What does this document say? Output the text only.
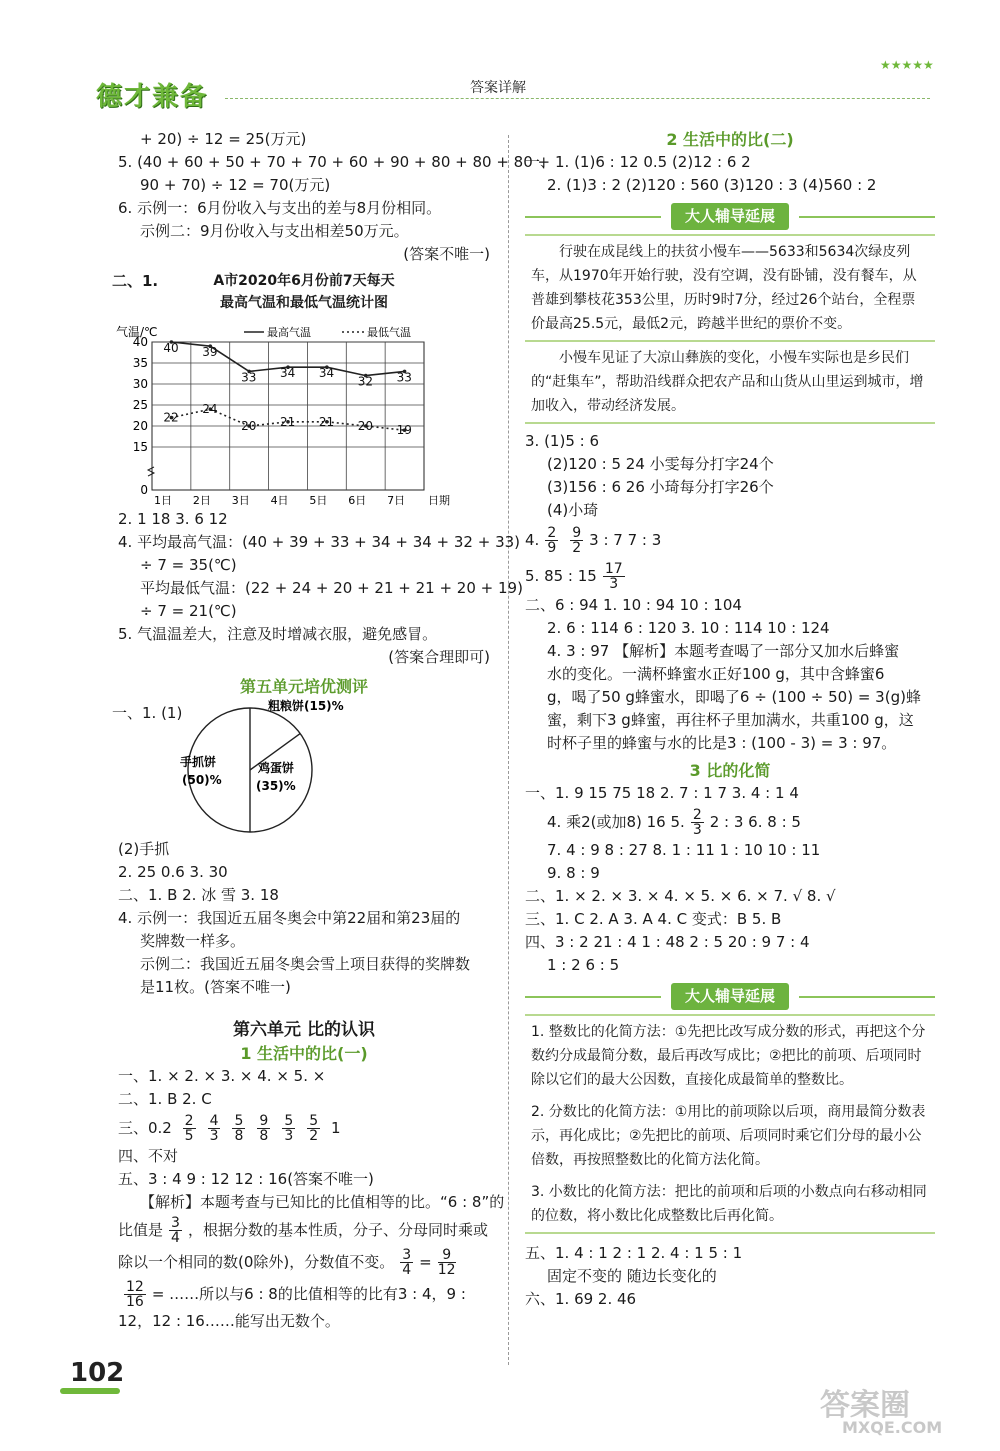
德才兼备	答案详解
★★★★★
+ 20) ÷ 12 = 25(万元)
5. (40 + 60 + 50 + 70 + 70 + 60 + 90 + 80 + 80 + 80 +
90 + 70) ÷ 12 = 70(万元)
6. 示例一：6月份收入与支出的差与8月份相同。
示例二：9月份收入与支出相差50万元。
(答案不唯一)
二、1.	A市2020年6月份前7天每天
最高气温和最低气温统计图
0
15
20
25
30
35
40
1日 2日 3日 4日 5日 6日 7日 日期
气温/℃	最高气温	最低气温
40 39
33 34 34
32 33
22
24
20 21 21 20 19
2. 1 18 3. 6 12
4. 平均最高气温：(40 + 39 + 33 + 34 + 34 + 32 + 33)
÷ 7 = 35(℃)
平均最低气温：(22 + 24 + 20 + 21 + 21 + 20 + 19)
÷ 7 = 21(℃)
5. 气温温差大，注意及时增减衣服，避免感冒。
(答案合理即可)
第五单元培优测评
一、1. (1)	粗粮饼(15)%
手抓饼
(50)%
鸡蛋饼
(35)%
(2)手抓
2. 25 0.6 3. 30
二、1. B 2. 冰 雪 3. 18
4. 示例一：我国近五届冬奥会中第22届和第23届的
奖牌数一样多。
示例二：我国近五届冬奥会雪上项目获得的奖牌数
是11枚。(答案不唯一)
第六单元 比的认识
1 生活中的比(一)
一、1. × 2. × 3. × 4. × 5. ×
二、1. B 2. C
三、$0.2 \frac{2}{5} \frac{4}{3} \frac{5}{8} \frac{9}{8} \frac{5}{3} \frac{5}{2} 1$
四、不对
五、3 : 4 9 : 12 12 : 16(答案不唯一)
【解析】本题考查与已知比的比值相等的比。“6 : 8”的
比值是 $\frac{3}{4}$ ，根据分数的基本性质，分子、分母同时乘或
除以一个相同的数(0除外)，分数值不变。 $\frac{3}{4} = \frac{9}{12}$
$\frac{12}{16}$ = ……所以与6 : 8的比值相等的比有3 : 4，9 :
12，12 : 16……能写出无数个。
2 生活中的比(二)
一、1. (1)6 : 12 0.5 (2)12 : 6 2
2. (1)3 : 2 (2)120 : 560 (3)120 : 3 (4)560 : 2
大人辅导延展
行驶在成昆线上的扶贫小慢车——5633和5634次绿皮列车，从1970年开始行驶，没有空调，没有卧铺，没有餐车，从普雄到攀枝花353公里，历时9时7分，经过26个站台，全程票价最高25.5元，最低2元，跨越半世纪的票价不变。
小慢车见证了大凉山彝族的变化，小慢车实际也是乡民们的“赶集车”，帮助沿线群众把农产品和山货从山里运到城市，增加收入，带动经济发展。
3. (1)5 : 6
(2)120 : 5 24 小雯每分打字24个
(3)156 : 6 26 小琦每分打字26个
(4)小琦
4. $\frac{2}{9} \frac{9}{2} 3$ : 7 7 : 3
5. 85 : $15 \frac{17}{3}$
二、6 : 94 1. 10 : 94 10 : 104
2. 6 : 114 6 : 120 3. 10 : 114 10 : 124
4. 3 : 97 【解析】本题考查喝了一部分又加水后蜂蜜
水的变化。一满杯蜂蜜水正好100 g，其中含蜂蜜6
g，喝了50 g蜂蜜水，即喝了6 ÷ (100 ÷ 50) = 3(g)蜂
蜜，剩下3 g蜂蜜，再往杯子里加满水，共重100 g，这
时杯子里的蜂蜜与水的比是3 : (100 - 3) = 3 : 97。
3 比的化简
一、1. 9 15 75 18 2. 7 : 1 7 3. 4 : 1 4
4. 乘2(或加8) 16 5. $\frac{2}{3} 2$ : 3 6. 8 : 5
7. 4 : 9 8 : 27 8. 1 : 11 1 : 10 10 : 11
9. 8 : 9
二、1. × 2. × 3. × 4. × 5. × 6. × 7. √ 8. √
三、1. C 2. A 3. A 4. C 变式：B 5. B
四、3 : 2 21 : 4 1 : 48 2 : 5 20 : 9 7 : 4
1 : 2 6 : 5
大人辅导延展
1. 整数比的化简方法：①先把比改写成分数的形式，再把这个分数约分成最简分数，最后再改写成比；②把比的前项、后项同时除以它们的最大公因数，直接化成最简单的整数比。
2. 分数比的化简方法：①用比的前项除以后项，商用最简分数表示，再化成比；②先把比的前项、后项同时乘它们分母的最小公倍数，再按照整数比的化简方法化简。
3. 小数比的化简方法：把比的前项和后项的小数点向右移动相同的位数，将小数比化成整数比后再化简。
五、1. 4 : 1 2 : 1 2. 4 : 1 5 : 1
固定不变的 随边长变化的
六、1. 69 2. 46
102
答案圈
MXQE.COM
